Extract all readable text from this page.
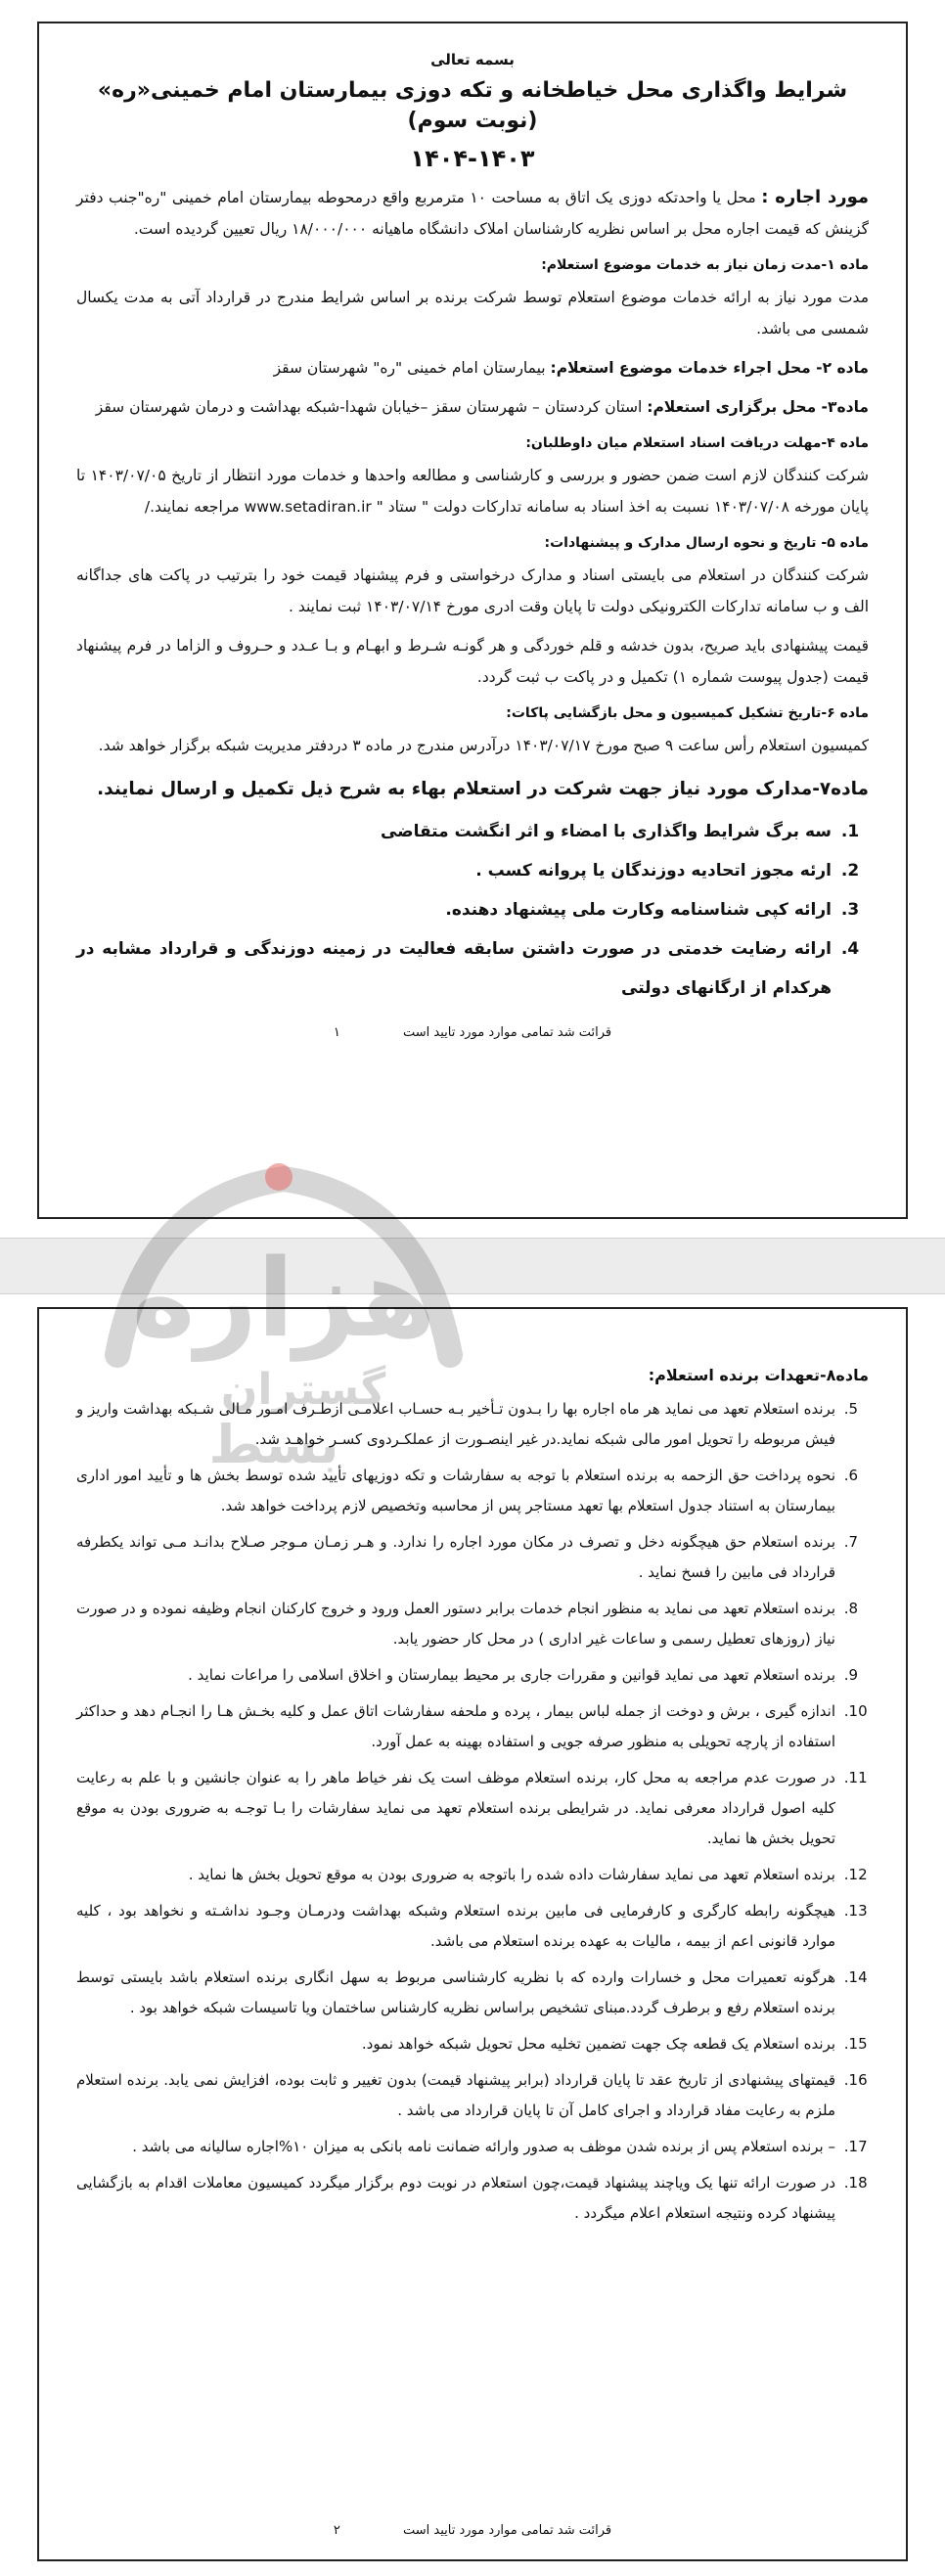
بسمه تعالی
شرایط واگذاری محل خیاطخانه و تکه دوزی بیمارستان امام خمینی«ره» (نوبت سوم)
۱۴۰۴-۱۴۰۳

مورد اجاره : محل یا واحدتکه دوزی یک اتاق به مساحت ۱۰ مترمربع واقع درمحوطه بیمارستان امام خمینی "ره"جنب دفتر گزینش که قیمت اجاره محل بر اساس نظریه کارشناسان املاک دانشگاه ماهیانه ۱۸/۰۰۰/۰۰۰ ریال تعیین گردیده است.

ماده ۱-مدت زمان نیاز به خدمات موضوع استعلام:

مدت مورد نیاز به ارائه خدمات موضوع استعلام توسط شرکت برنده بر اساس شرایط مندرج در قرارداد آتی به مدت یکسال شمسی می باشد.

ماده ۲- محل اجراء خدمات موضوع استعلام: بیمارستان امام خمینی "ره" شهرستان سقز

ماده۳- محل برگزاری استعلام: استان کردستان – شهرستان سقز –خیابان شهدا-شبکه بهداشت و درمان شهرستان سقز

ماده ۴-مهلت دریافت اسناد استعلام میان داوطلبان:

شرکت کنندگان لازم است ضمن حضور و بررسی و کارشناسی و مطالعه واحدها و خدمات مورد انتظار از تاریخ ۱۴۰۳/۰۷/۰۵ تا پایان مورخه ۱۴۰۳/۰۷/۰۸ نسبت به اخذ اسناد به سامانه تدارکات دولت " ستاد " www.setadiran.ir مراجعه نمایند./

ماده ۵- تاریخ و نحوه ارسال مدارک و پیشنهادات:

شرکت کنندگان در استعلام می بایستی اسناد و مدارک درخواستی و فرم پیشنهاد قیمت خود را بترتیب در پاکت های جداگانه الف و ب سامانه تدارکات الکترونیکی دولت تا پایان وقت ادری مورخ ۱۴۰۳/۰۷/۱۴ ثبت نمایند .

قیمت پیشنهادی باید صریح، بدون خدشه و قلم خوردگی و هر گونـه شـرط و ابهـام و بـا عـدد و حـروف و الزاما در فرم پیشنهاد قیمت (جدول پیوست شماره ۱) تکمیل و در پاکت ب ثبت گردد.

ماده ۶-تاریخ تشکیل کمیسیون و محل بازگشایی پاکات:

کمیسیون استعلام رأس ساعت ۹ صبح مورخ ۱۴۰۳/۰۷/۱۷ درآدرس مندرج در ماده ۳ دردفتر مدیریت شبکه برگزار خواهد شد.

ماده۷-مدارک مورد نیاز جهت شرکت در استعلام بهاء به شرح ذیل تکمیل و ارسال نمایند.
1. سه برگ شرایط واگذاری با امضاء و اثر انگشت متقاضی
2. ارئه مجوز اتحادیه دوزندگان یا پروانه کسب .
3. ارائه کپی شناسنامه وکارت ملی پیشنهاد دهنده.
4. ارائه رضایت خدمتی در صورت داشتن سابقه فعالیت در زمینه دوزندگی و قرارداد مشابه در هرکدام از ارگانهای دولتی
قرائت شد تمامی موارد مورد تایید است ۱
ماده۸-تعهدات برنده استعلام:
5. برنده استعلام تعهد می نماید هر ماه اجاره بها را بـدون تـأخیر بـه حسـاب اعلامـی ازطـرف امـور مـالی شـبکه بهداشت واریز و فیش مربوطه را تحویل امور مالی شبکه نماید.در غیر اینصـورت از عملکـردوی کسـر خواهـد شد.
6. نحوه پرداخت حق الزحمه به برنده استعلام با توجه به سفارشات و تکه دوزیهای تأیید شده توسط بخش ها و تأیید امور اداری بیمارستان به استناد جدول استعلام بها تعهد مستاجر پس از محاسبه وتخصیص لازم پرداخت خواهد شد.
7. برنده استعلام حق هیچگونه دخل و تصرف در مکان مورد اجاره را ندارد. و هـر زمـان مـوجر صـلاح بدانـد مـی تواند یکطرفه قرارداد فی مابین را فسخ نماید .
8. برنده استعلام تعهد می نماید به منظور انجام خدمات برابر دستور العمل ورود و خروج کارکنان انجام وظیفه نموده و در صورت نیاز (روزهای تعطیل رسمی و ساعات غیر اداری ) در محل کار حضور یابد.
9. برنده استعلام تعهد می نماید قوانین و مقررات جاری بر محیط بیمارستان و اخلاق اسلامی را مراعات نماید .
10. اندازه گیری ، برش و دوخت از جمله لباس بیمار ، پرده و ملحفه سفارشات اتاق عمل و کلیه بخـش هـا را انجـام دهد و حداکثر استفاده از پارچه تحویلی به منظور صرفه جویی و استفاده بهینه به عمل آورد.
11. در صورت عدم مراجعه به محل کار، برنده استعلام موظف است یک نفر خیاط ماهر را به عنوان جانشین و با علم به رعایت کلیه اصول قرارداد معرفی نماید. در شرایطی برنده استعلام تعهد می نماید سفارشات را بـا توجـه به ضروری بودن به موقع تحویل بخش ها نماید.
12. برنده استعلام تعهد می نماید سفارشات داده شده را باتوجه به ضروری بودن به موقع تحویل بخش ها نماید .
13. هیچگونه رابطه کارگری و کارفرمایی فی مابین برنده استعلام وشبکه بهداشت ودرمـان وجـود نداشـته و نخواهد بود ، کلیه موارد قانونی اعم از بیمه ، مالیات به عهده برنده استعلام می باشد.
14. هرگونه تعمیرات محل و خسارات وارده که با نظریه کارشناسی مربوط به سهل انگاری برنده استعلام باشد بایستی توسط برنده استعلام رفع و برطرف گردد.مبنای تشخیص براساس نظریه کارشناس ساختمان ویا تاسیسات شبکه خواهد بود .
15. برنده استعلام یک قطعه چک جهت تضمین تخلیه محل تحویل شبکه خواهد نمود.
16. قیمتهای پیشنهادی از تاریخ عقد تا پایان قرارداد (برابر پیشنهاد قیمت) بدون تغییر و ثابت بوده، افزایش نمی یابد. برنده استعلام ملزم به رعایت مفاد قرارداد و اجرای کامل آن تا پایان قرارداد می باشد .
17. – برنده استعلام پس از برنده شدن موظف به صدور وارائه ضمانت نامه بانکی به میزان ۱۰%اجاره سالیانه می باشد .
18. در صورت ارائه تنها یک ویاچند پیشنهاد قیمت،چون استعلام در نوبت دوم برگزار میگردد کمیسیون معاملات اقدام به بازگشایی پیشنهاد کرده ونتیجه استعلام اعلام میگردد .
قرائت شد تمامی موارد مورد تایید است ۲
هزاره
